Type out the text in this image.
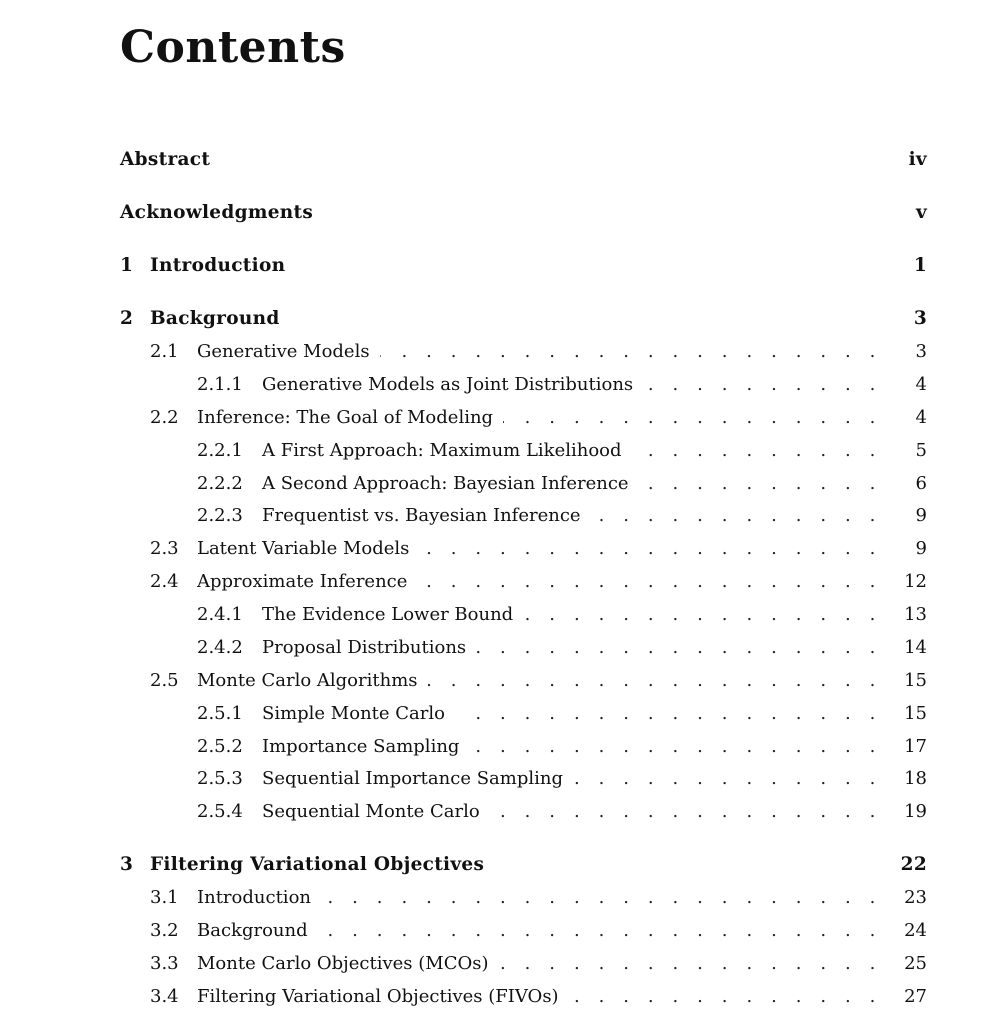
Contents
Abstract	iv
Acknowledgments	v
1 Introduction	1
2 Background	3
2.1 Generative Models . . .	3
2.1.1 Generative Models as Joint Distributions . . .	4
2.2 Inference: The Goal of Modeling . . .	4
2.2.1 A First Approach: Maximum Likelihood . . .	5
2.2.2 A Second Approach: Bayesian Inference . . .	6
2.2.3 Frequentist vs. Bayesian Inference . . .	9
2.3 Latent Variable Models . . .	9
2.4 Approximate Inference . . .	12
2.4.1 The Evidence Lower Bound . . .	13
2.4.2 Proposal Distributions . . .	14
2.5 Monte Carlo Algorithms . . .	15
2.5.1 Simple Monte Carlo . . .	15
2.5.2 Importance Sampling . . .	17
2.5.3 Sequential Importance Sampling . . .	18
2.5.4 Sequential Monte Carlo . . .	19
3 Filtering Variational Objectives	22
3.1 Introduction . . .	23
3.2 Background . . .	24
3.3 Monte Carlo Objectives (MCOs) . . .	25
3.4 Filtering Variational Objectives (FIVOs) . . .	27
